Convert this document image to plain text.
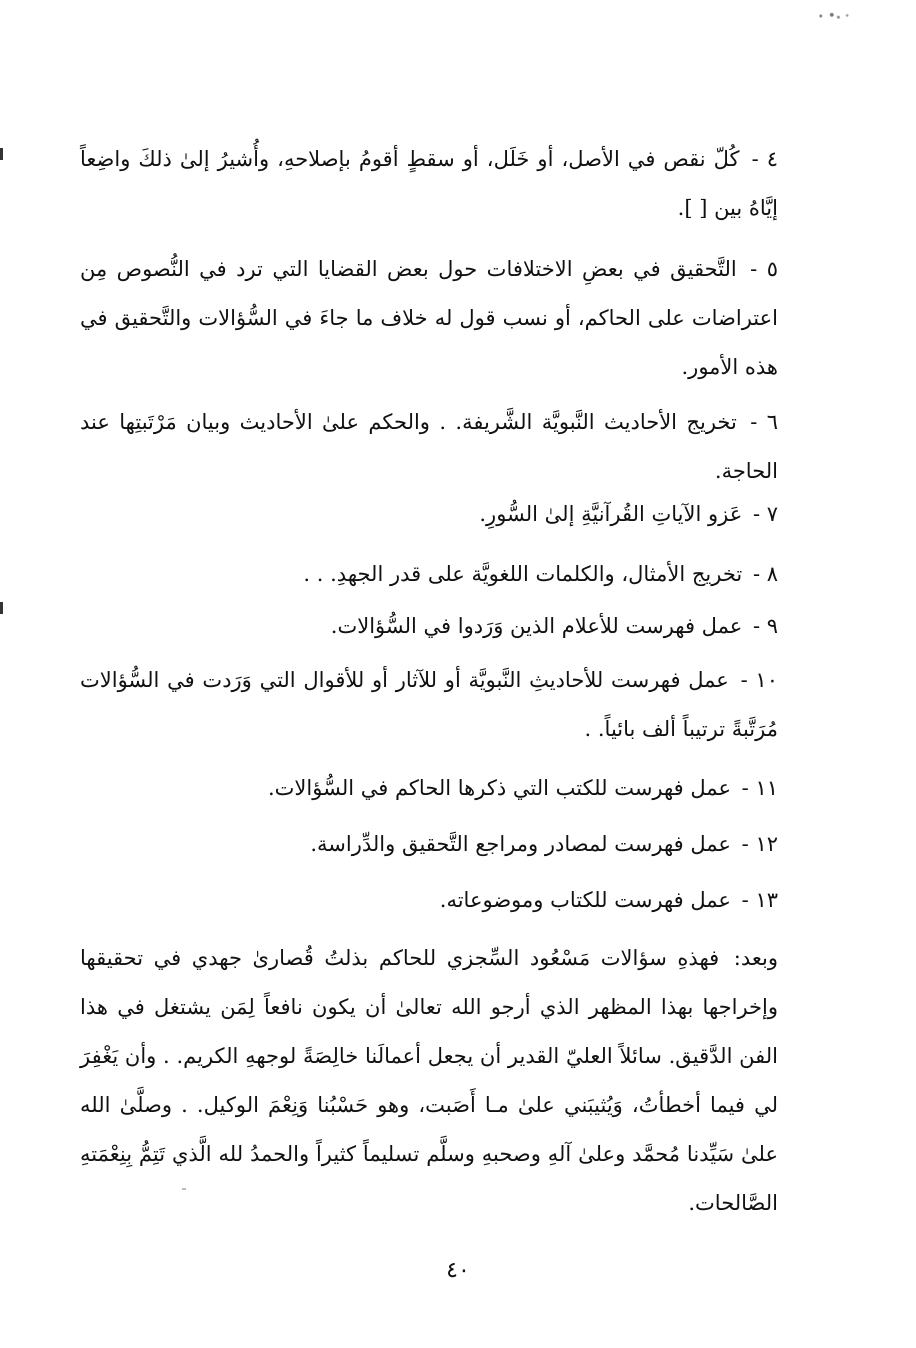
٤ - كُلّ نقص في الأصل، أو خَلَل، أو سقطٍ أقومُ بإصلاحهِ، وأُشيرُ إلىٰ ذلكَ واضِعاً إيَّاهُ بين [ ].

٥ - التَّحقيق في بعضِ الاختلافات حول بعض القضايا التي ترد في النُّصوص مِن اعتراضات على الحاكم، أو نسب قول له خلاف ما جاءَ في السُّؤالات والتَّحقيق في هذه الأمور.

٦ - تخريج الأحاديث النَّبويَّة الشَّريفة. . والحكم علىٰ الأحاديث وبيان مَرْتَبتِها عند الحاجة.

٧ - عَزو الآياتِ القُرآنيَّةِ إلىٰ السُّورِ.

٨ - تخريج الأمثال، والكلمات اللغويَّة على قدر الجهدِ. . .

٩ - عمل فهرست للأعلام الذين وَرَدوا في السُّؤالات.

١٠ - عمل فهرست للأحاديثِ النَّبويَّة أو للآثار أو للأقوال التي وَرَدت في السُّؤالات مُرَتَّبةً ترتيباً ألف بائياً. .

١١ - عمل فهرست للكتب التي ذكرها الحاكم في السُّؤالات.

١٢ - عمل فهرست لمصادر ومراجع التَّحقيق والدِّراسة.

١٣ - عمل فهرست للكتاب وموضوعاته.

وبعد: فهذهِ سؤالات مَسْعُود السِّجزي للحاكم بذلتُ قُصارىٰ جهدي في تحقيقها وإخراجها بهذا المظهر الذي أرجو الله تعالىٰ أن يكون نافعاً لِمَن يشتغل في هذا الفن الدَّقيق. سائلاً العليّ القدير أن يجعل أعمالَنا خالِصَةً لوجههِ الكريم. . وأن يَغْفِرَ لي فيما أخطأتُ، وَيُثيبَني علىٰ مـا أَصَبت، وهو حَسْبُنا وَنِعْمَ الوكيل. . وصلَّىٰ الله علىٰ سَيِّدنا مُحمَّد وعلىٰ آلهِ وصحبهِ وسلَّم تسليماً كثيراً والحمدُ لله الَّذي تَتِمُّ بِنِعْمَتهِ الصَّالحات.

٤٠
